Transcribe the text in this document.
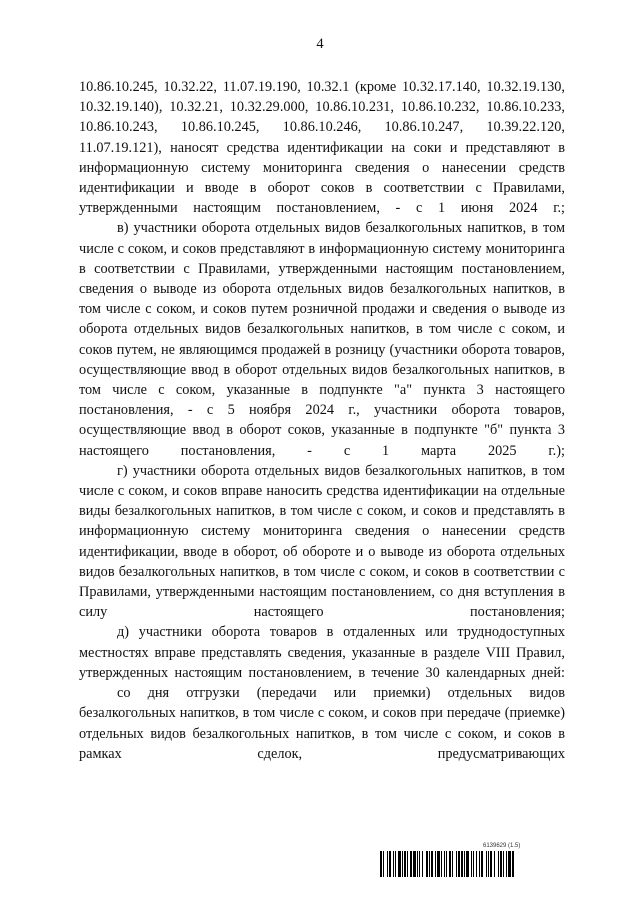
4

10.86.10.245, 10.32.22, 11.07.19.190, 10.32.1 (кроме 10.32.17.140, 10.32.19.130, 10.32.19.140), 10.32.21, 10.32.29.000, 10.86.10.231, 10.86.10.232, 10.86.10.233, 10.86.10.243, 10.86.10.245, 10.86.10.246, 10.86.10.247, 10.39.22.120, 11.07.19.121), наносят средства идентификации на соки и представляют в информационную систему мониторинга сведения о нанесении средств идентификации и вводе в оборот соков в соответствии с Правилами, утвержденными настоящим постановлением, - с 1 июня 2024 г.;

в) участники оборота отдельных видов безалкогольных напитков, в том числе с соком, и соков представляют в информационную систему мониторинга в соответствии с Правилами, утвержденными настоящим постановлением, сведения о выводе из оборота отдельных видов безалкогольных напитков, в том числе с соком, и соков путем розничной продажи и сведения о выводе из оборота отдельных видов безалкогольных напитков, в том числе с соком, и соков путем, не являющимся продажей в розницу (участники оборота товаров, осуществляющие ввод в оборот отдельных видов безалкогольных напитков, в том числе с соком, указанные в подпункте "а" пункта 3 настоящего постановления, - с 5 ноября 2024 г., участники оборота товаров, осуществляющие ввод в оборот соков, указанные в подпункте "б" пункта 3 настоящего постановления, - с 1 марта 2025 г.);

г) участники оборота отдельных видов безалкогольных напитков, в том числе с соком, и соков вправе наносить средства идентификации на отдельные виды безалкогольных напитков, в том числе с соком, и соков и представлять в информационную систему мониторинга сведения о нанесении средств идентификации, вводе в оборот, об обороте и о выводе из оборота отдельных видов безалкогольных напитков, в том числе с соком, и соков в соответствии с Правилами, утвержденными настоящим постановлением, со дня вступления в силу настоящего постановления;

д) участники оборота товаров в отдаленных или труднодоступных местностях вправе представлять сведения, указанные в разделе VIII Правил, утвержденных настоящим постановлением, в течение 30 календарных дней:

со дня отгрузки (передачи или приемки) отдельных видов безалкогольных напитков, в том числе с соком, и соков при передаче (приемке) отдельных видов безалкогольных напитков, в том числе с соком, и соков в рамках сделок, предусматривающих

6139629 (1.5)
